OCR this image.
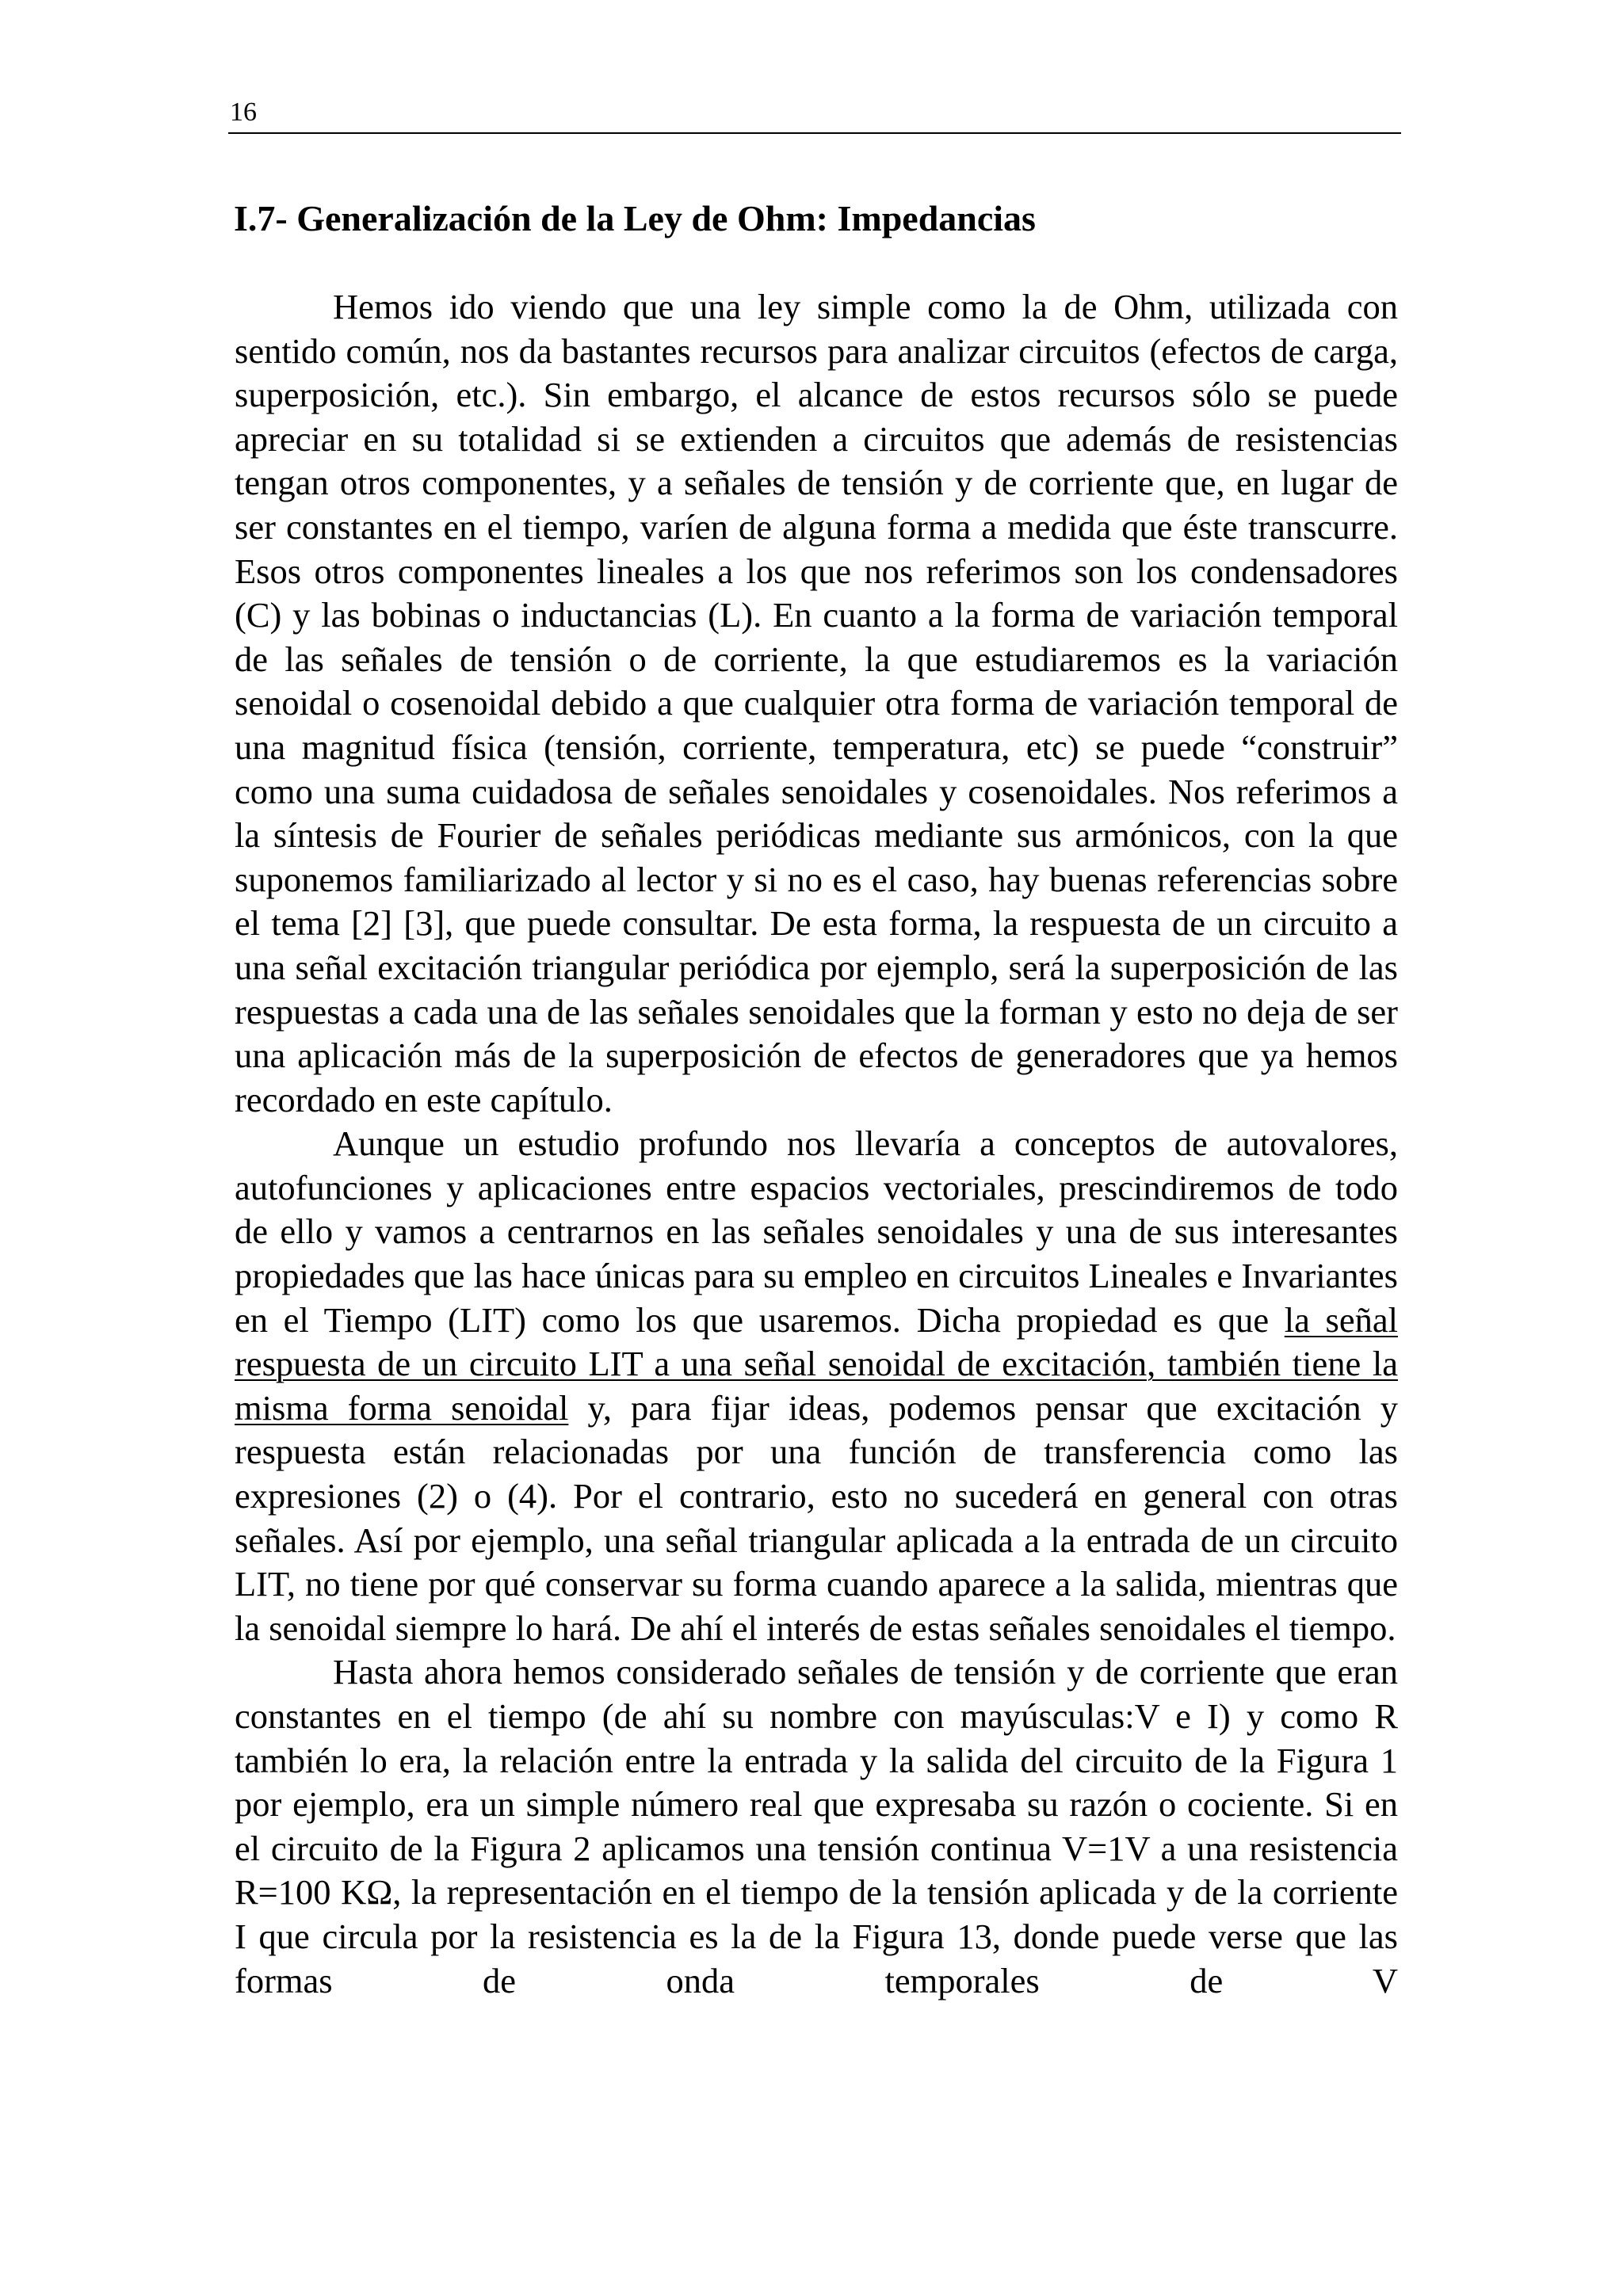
16
I.7- Generalización de la Ley de Ohm: Impedancias

Hemos ido viendo que una ley simple como la de Ohm, utilizada con sentido común, nos da bastantes recursos para analizar circuitos (efectos de carga, superposición, etc.). Sin embargo, el alcance de estos recursos sólo se puede apreciar en su totalidad si se extienden a circuitos que además de resistencias tengan otros componentes, y a señales de tensión y de corriente que, en lugar de ser constantes en el tiempo, varíen de alguna forma a medida que éste transcurre. Esos otros componentes lineales a los que nos referimos son los condensadores (C) y las bobinas o inductancias (L). En cuanto a la forma de variación temporal de las señales de tensión o de corriente, la que estudiaremos es la variación senoidal o cosenoidal debido a que cualquier otra forma de variación temporal de una magnitud física (tensión, corriente, temperatura, etc) se puede “construir” como una suma cuidadosa de señales senoidales y cosenoidales. Nos referimos a la síntesis de Fourier de señales periódicas mediante sus armónicos, con la que suponemos familiarizado al lector y si no es el caso, hay buenas referencias sobre el tema [2] [3], que puede consultar. De esta forma, la respuesta de un circuito a una señal excitación triangular periódica por ejemplo, será la superposición de las respuestas a cada una de las señales senoidales que la forman y esto no deja de ser una aplicación más de la superposición de efectos de generadores que ya hemos recordado en este capítulo.

Aunque un estudio profundo nos llevaría a conceptos de autovalores, autofunciones y aplicaciones entre espacios vectoriales, prescindiremos de todo de ello y vamos a centrarnos en las señales senoidales y una de sus interesantes propiedades que las hace únicas para su empleo en circuitos Lineales e Invariantes en el Tiempo (LIT) como los que usaremos. Dicha propiedad es que la señal respuesta de un circuito LIT a una señal senoidal de excitación, también tiene la misma forma senoidal y, para fijar ideas, podemos pensar que excitación y respuesta están relacionadas por una función de transferencia como las expresiones (2) o (4). Por el contrario, esto no sucederá en general con otras señales. Así por ejemplo, una señal triangular aplicada a la entrada de un circuito LIT, no tiene por qué conservar su forma cuando aparece a la salida, mientras que la senoidal siempre lo hará. De ahí el interés de estas señales senoidales el tiempo.

Hasta ahora hemos considerado señales de tensión y de corriente que eran constantes en el tiempo (de ahí su nombre con mayúsculas:V e I) y como R también lo era, la relación entre la entrada y la salida del circuito de la Figura 1 por ejemplo, era un simple número real que expresaba su razón o cociente. Si en el circuito de la Figura 2 aplicamos una tensión continua V=1V a una resistencia R=100 KΩ, la representación en el tiempo de la tensión aplicada y de la corriente I que circula por la resistencia es la de la Figura 13, donde puede verse que las formas de onda temporales de V
